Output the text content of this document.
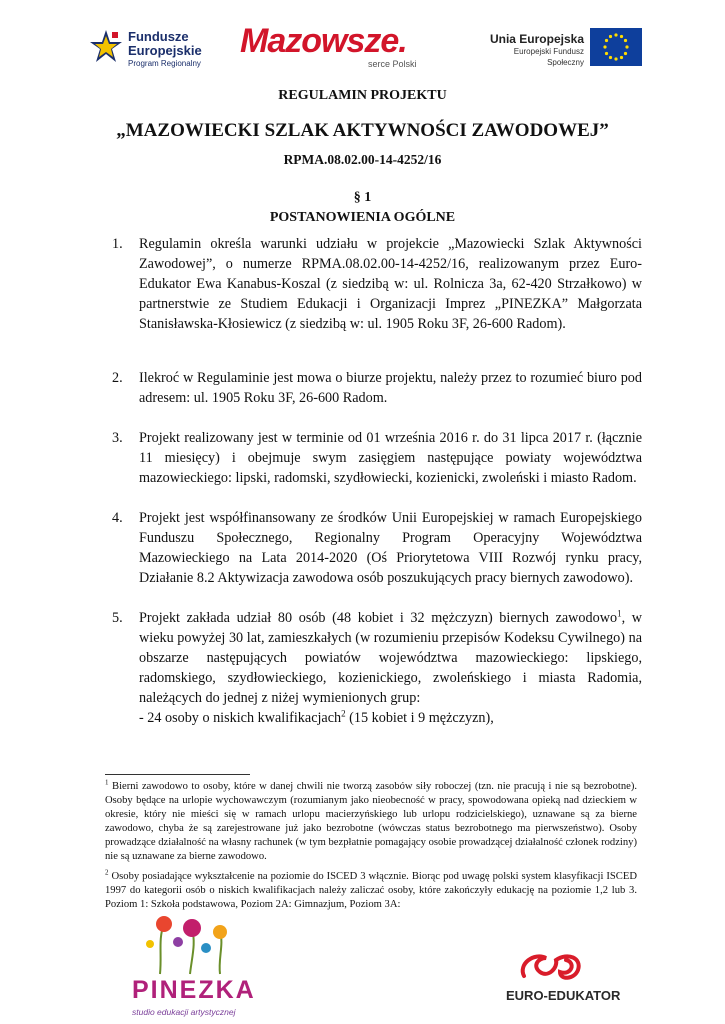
Fundusze
Europejskie
Program Regionalny
Mazowsze.
serce Polski
Unia Europejska
Europejski Fundusz Społeczny
REGULAMIN PROJEKTU
„MAZOWIECKI SZLAK AKTYWNOŚCI ZAWODOWEJ”
RPMA.08.02.00-14-4252/16
§ 1
POSTANOWIENIA OGÓLNE
1. Regulamin określa warunki udziału w projekcie „Mazowiecki Szlak Aktywności Zawodowej”, o numerze RPMA.08.02.00-14-4252/16, realizowanym przez Euro-Edukator Ewa Kanabus-Koszal (z siedzibą w: ul. Rolnicza 3a, 62-420 Strzałkowo) w partnerstwie ze Studiem Edukacji i Organizacji Imprez „PINEZKA” Małgorzata Stanisławska-Kłosiewicz (z siedzibą w: ul. 1905 Roku 3F, 26-600 Radom).

2. Ilekroć w Regulaminie jest mowa o biurze projektu, należy przez to rozumieć biuro pod adresem: ul. 1905 Roku 3F, 26-600 Radom.

3. Projekt realizowany jest w terminie od 01 września 2016 r. do 31 lipca 2017 r. (łącznie 11 miesięcy) i obejmuje swym zasięgiem następujące powiaty województwa mazowieckiego: lipski, radomski, szydłowiecki, kozienicki, zwoleński i miasto Radom.

4. Projekt jest współfinansowany ze środków Unii Europejskiej w ramach Europejskiego Funduszu Społecznego, Regionalny Program Operacyjny Województwa Mazowieckiego na Lata 2014-2020 (Oś Priorytetowa VIII Rozwój rynku pracy, Działanie 8.2 Aktywizacja zawodowa osób poszukujących pracy biernych zawodowo).

5. Projekt zakłada udział 80 osób (48 kobiet i 32 mężczyzn) biernych zawodowo$^1$, w wieku powyżej 30 lat, zamieszkałych (w rozumieniu przepisów Kodeksu Cywilnego) na obszarze następujących powiatów województwa mazowieckiego: lipskiego, radomskiego, szydłowieckiego, kozienickiego, zwoleńskiego i miasta Radomia, należących do jednej z niżej wymienionych grup:

- 24 osoby o niskich kwalifikacjach$^2$ (15 kobiet i 9 mężczyzn),

$^1$ Bierni zawodowo to osoby, które w danej chwili nie tworzą zasobów siły roboczej (tzn. nie pracują i nie są bezrobotne). Osoby będące na urlopie wychowawczym (rozumianym jako nieobecność w pracy, spowodowana opieką nad dzieckiem w okresie, który nie mieści się w ramach urlopu macierzyńskiego lub urlopu rodzicielskiego), uznawane są za bierne zawodowo, chyba że są zarejestrowane już jako bezrobotne (wówczas status bezrobotnego ma pierwszeństwo). Osoby prowadzące działalność na własny rachunek (w tym bezpłatnie pomagający osobie prowadzącej działalność członek rodziny) nie są uznawane za bierne zawodowo.

$^2$ Osoby posiadające wykształcenie na poziomie do ISCED 3 włącznie. Biorąc pod uwagę polski system klasyfikacji ISCED 1997 do kategorii osób o niskich kwalifikacjach należy zaliczać osoby, które zakończyły edukację na poziomie 1,2 lub 3. Poziom 1: Szkoła podstawowa, Poziom 2A: Gimnazjum, Poziom 3A:

PINEZKA
studio edukacji artystycznej
EURO-EDUKATOR
